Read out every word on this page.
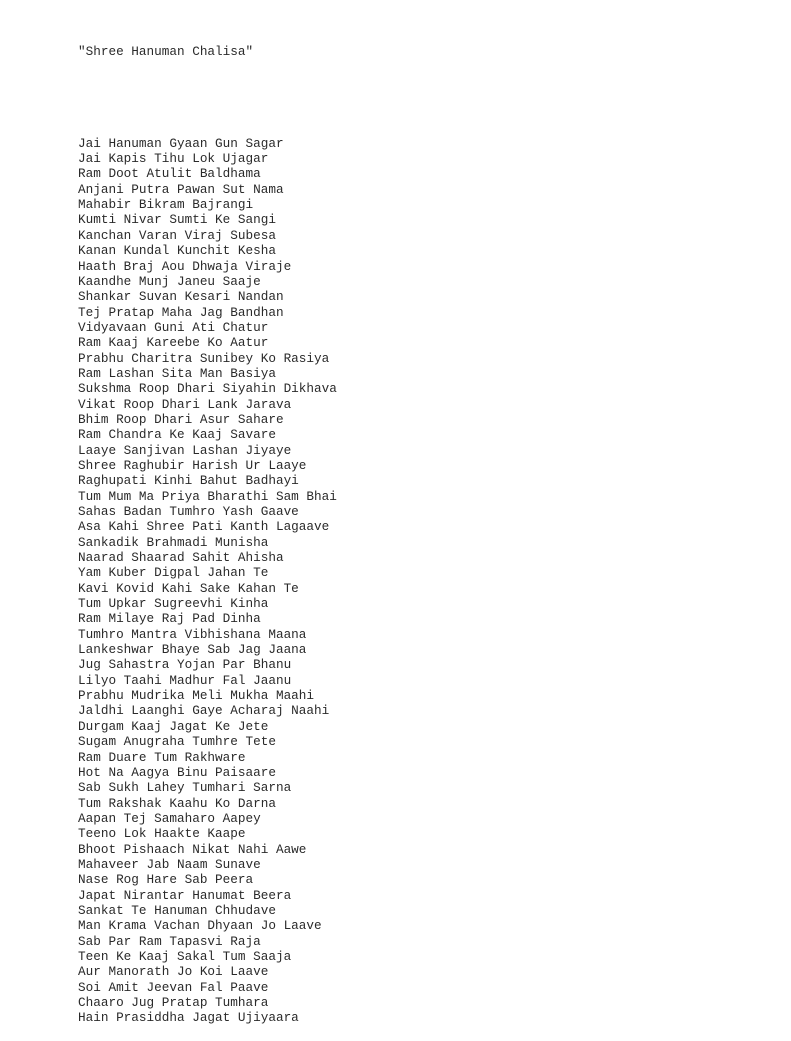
"Shree Hanuman Chalisa"

Jai Hanuman Gyaan Gun Sagar
Jai Kapis Tihu Lok Ujagar
Ram Doot Atulit Baldhama
Anjani Putra Pawan Sut Nama
Mahabir Bikram Bajrangi
Kumti Nivar Sumti Ke Sangi
Kanchan Varan Viraj Subesa
Kanan Kundal Kunchit Kesha
Haath Braj Aou Dhwaja Viraje
Kaandhe Munj Janeu Saaje
Shankar Suvan Kesari Nandan
Tej Pratap Maha Jag Bandhan
Vidyavaan Guni Ati Chatur
Ram Kaaj Kareebe Ko Aatur
Prabhu Charitra Sunibey Ko Rasiya
Ram Lashan Sita Man Basiya
Sukshma Roop Dhari Siyahin Dikhava
Vikat Roop Dhari Lank Jarava
Bhim Roop Dhari Asur Sahare
Ram Chandra Ke Kaaj Savare
Laaye Sanjivan Lashan Jiyaye
Shree Raghubir Harish Ur Laaye
Raghupati Kinhi Bahut Badhayi
Tum Mum Ma Priya Bharathi Sam Bhai
Sahas Badan Tumhro Yash Gaave
Asa Kahi Shree Pati Kanth Lagaave
Sankadik Brahmadi Munisha
Naarad Shaarad Sahit Ahisha
Yam Kuber Digpal Jahan Te
Kavi Kovid Kahi Sake Kahan Te
Tum Upkar Sugreevhi Kinha
Ram Milaye Raj Pad Dinha
Tumhro Mantra Vibhishana Maana
Lankeshwar Bhaye Sab Jag Jaana
Jug Sahastra Yojan Par Bhanu
Lilyo Taahi Madhur Fal Jaanu
Prabhu Mudrika Meli Mukha Maahi
Jaldhi Laanghi Gaye Acharaj Naahi
Durgam Kaaj Jagat Ke Jete
Sugam Anugraha Tumhre Tete
Ram Duare Tum Rakhware
Hot Na Aagya Binu Paisaare
Sab Sukh Lahey Tumhari Sarna
Tum Rakshak Kaahu Ko Darna
Aapan Tej Samaharo Aapey
Teeno Lok Haakte Kaape
Bhoot Pishaach Nikat Nahi Aawe
Mahaveer Jab Naam Sunave
Nase Rog Hare Sab Peera
Japat Nirantar Hanumat Beera
Sankat Te Hanuman Chhudave
Man Krama Vachan Dhyaan Jo Laave
Sab Par Ram Tapasvi Raja
Teen Ke Kaaj Sakal Tum Saaja
Aur Manorath Jo Koi Laave
Soi Amit Jeevan Fal Paave
Chaaro Jug Pratap Tumhara
Hain Prasiddha Jagat Ujiyaara
